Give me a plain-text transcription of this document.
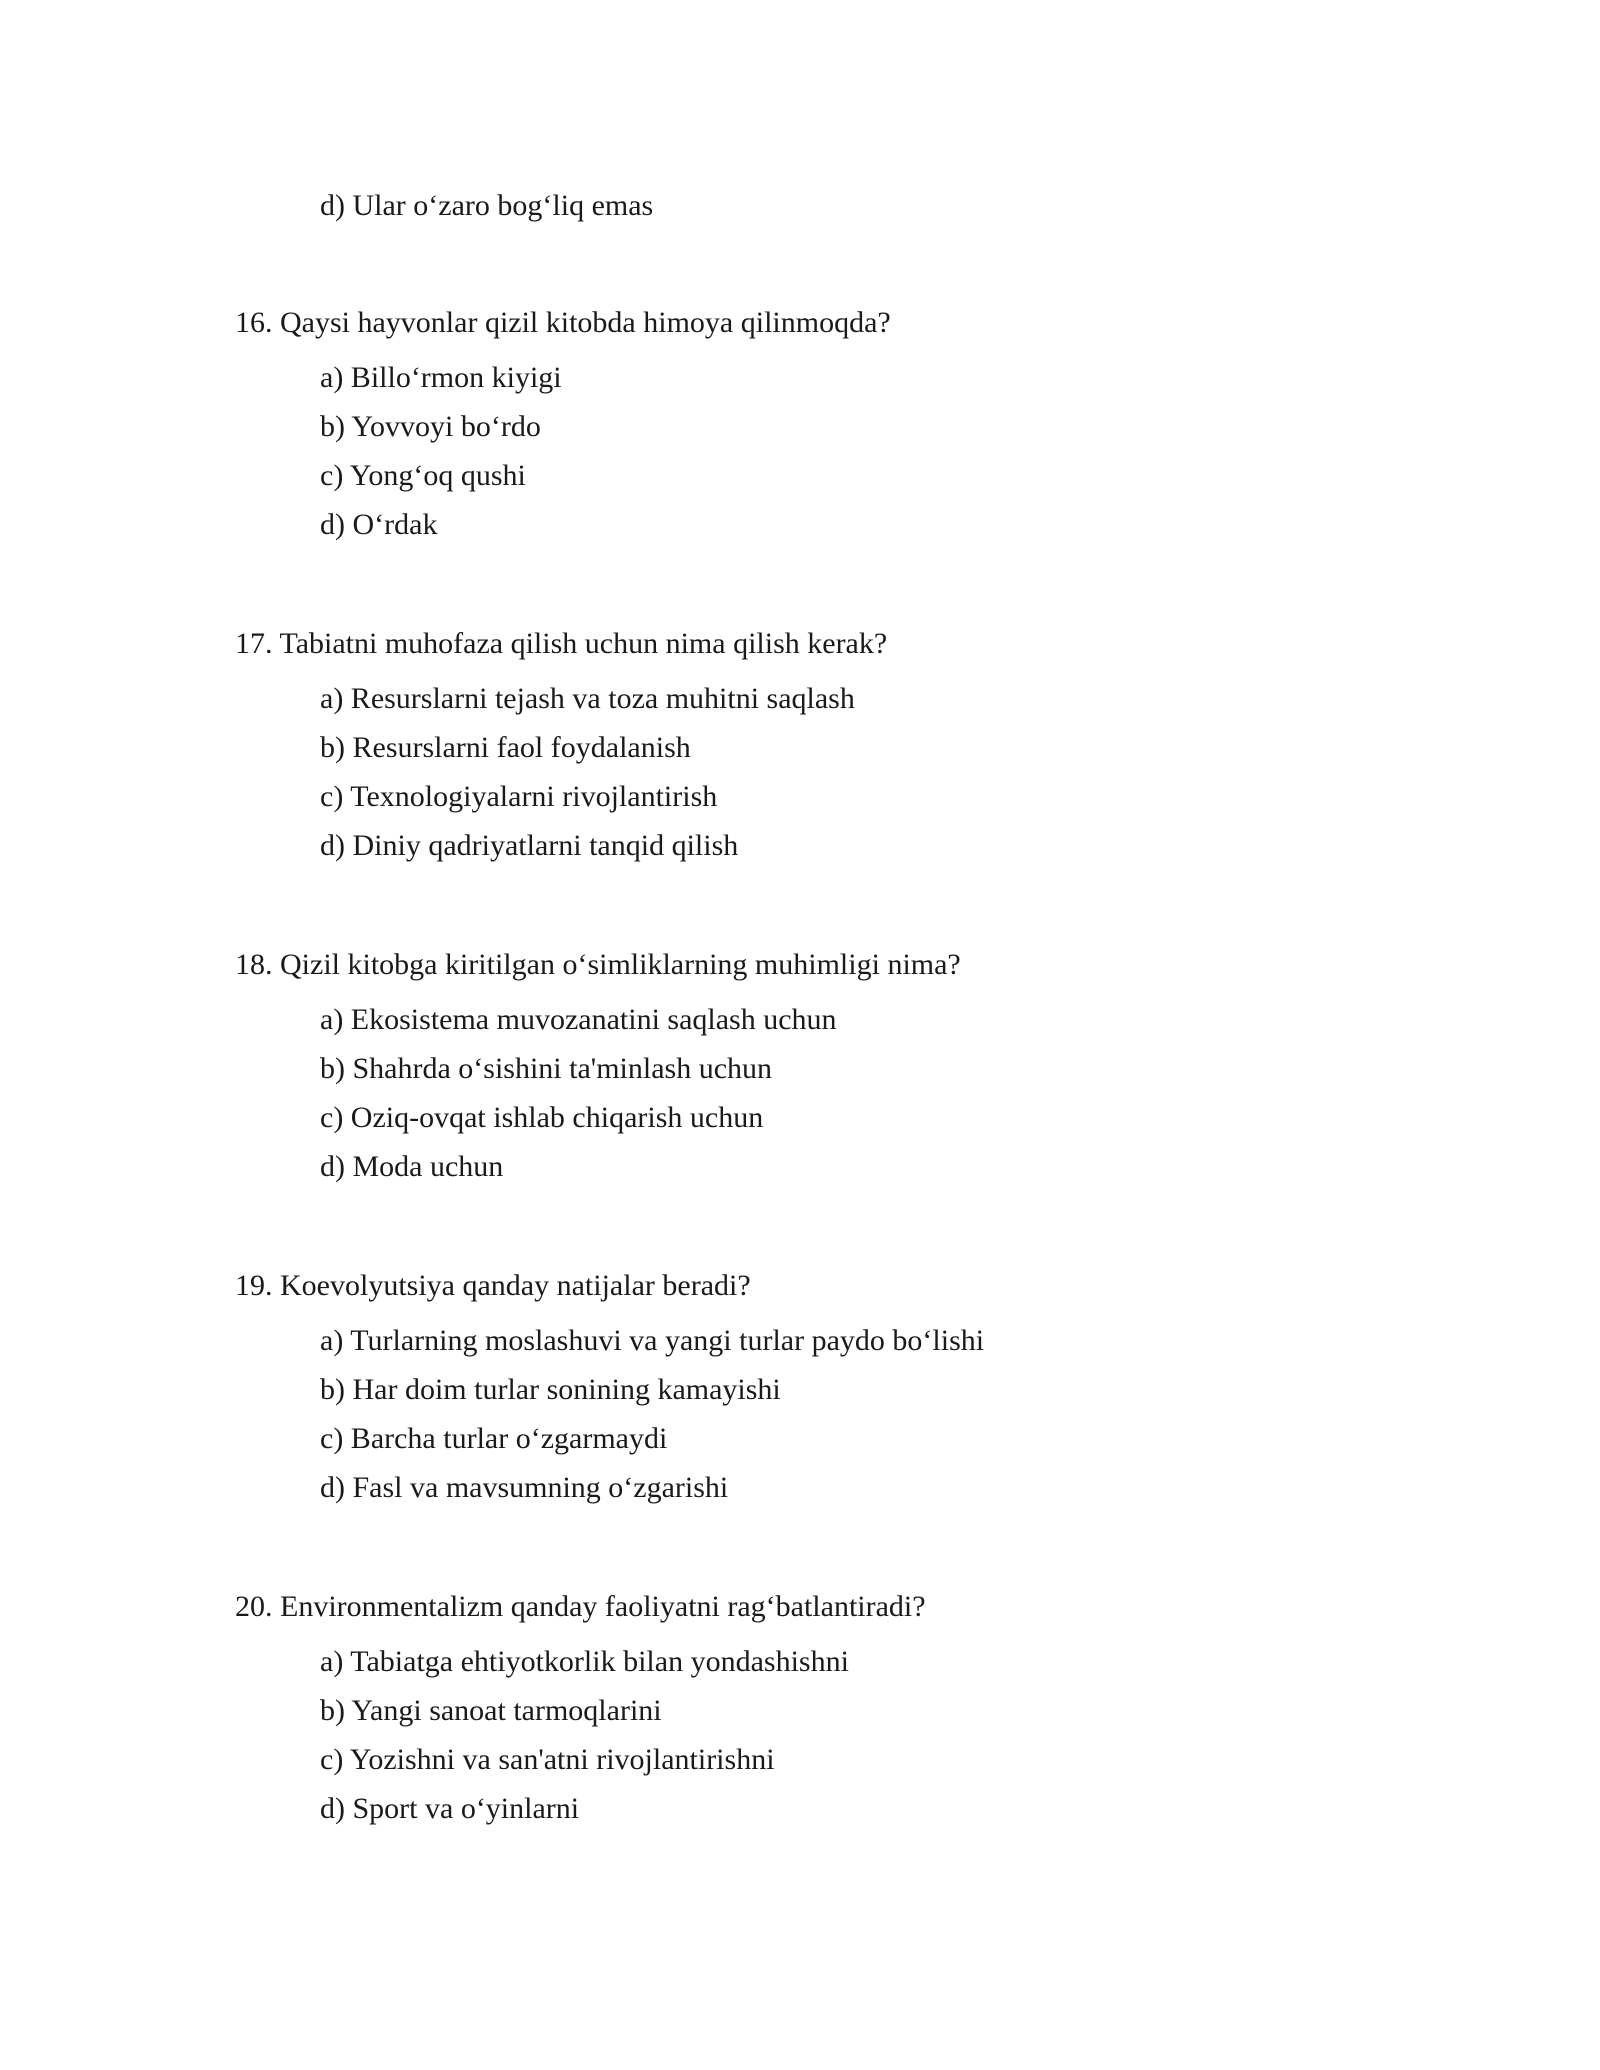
d) Ular o‘zaro bog‘liq emas

16. Qaysi hayvonlar qizil kitobda himoya qilinmoqda?

a) Billo‘rmon kiyigi
b) Yovvoyi bo‘rdo
c) Yong‘oq qushi
d) O‘rdak

17. Tabiatni muhofaza qilish uchun nima qilish kerak?

a) Resurslarni tejash va toza muhitni saqlash
b) Resurslarni faol foydalanish
c) Texnologiyalarni rivojlantirish
d) Diniy qadriyatlarni tanqid qilish

18. Qizil kitobga kiritilgan o‘simliklarning muhimligi nima?

a) Ekosistema muvozanatini saqlash uchun
b) Shahrda o‘sishini ta'minlash uchun
c) Oziq-ovqat ishlab chiqarish uchun
d) Moda uchun

19. Koevolyutsiya qanday natijalar beradi?

a) Turlarning moslashuvi va yangi turlar paydo bo‘lishi
b) Har doim turlar sonining kamayishi
c) Barcha turlar o‘zgarmaydi
d) Fasl va mavsumning o‘zgarishi

20. Environmentalizm qanday faoliyatni rag‘batlantiradi?

a) Tabiatga ehtiyotkorlik bilan yondashishni
b) Yangi sanoat tarmoqlarini
c) Yozishni va san'atni rivojlantirishni
d) Sport va o‘yinlarni
